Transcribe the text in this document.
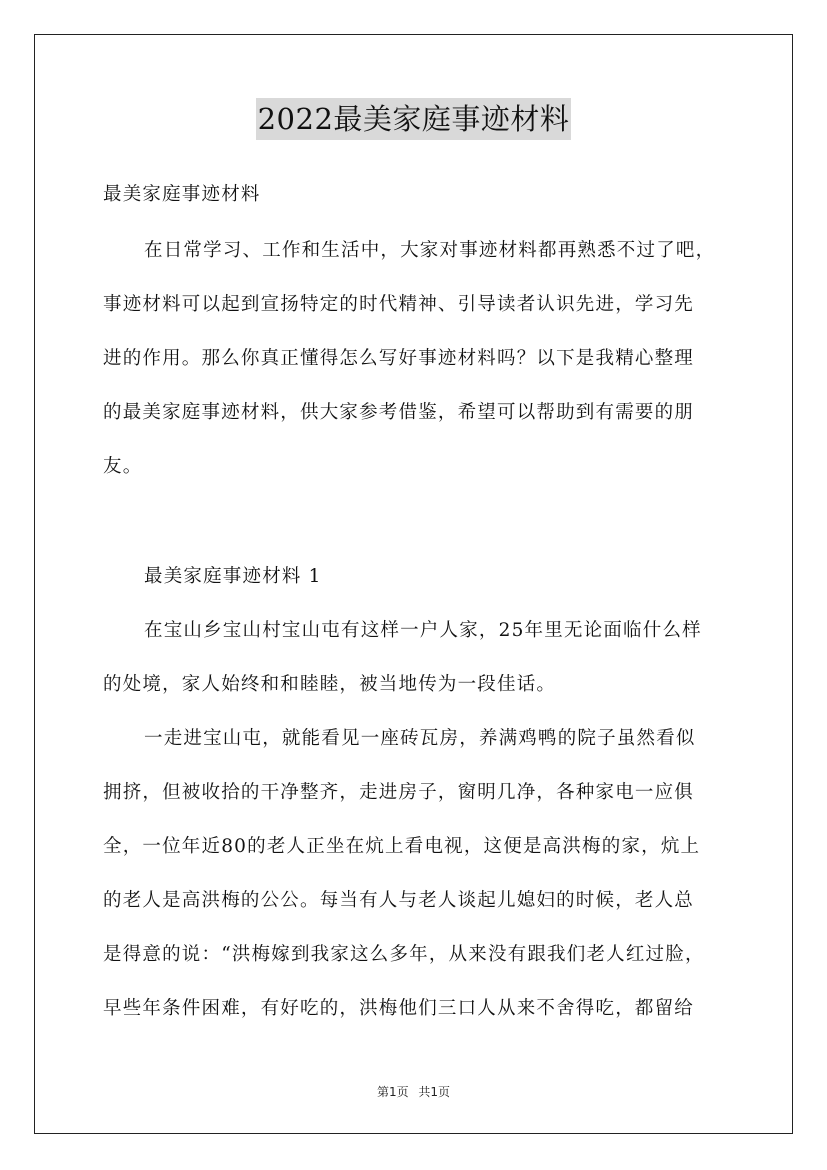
2022最美家庭事迹材料
最美家庭事迹材料
在日常学习、工作和生活中，大家对事迹材料都再熟悉不过了吧，
事迹材料可以起到宣扬特定的时代精神、引导读者认识先进，学习先
进的作用。那么你真正懂得怎么写好事迹材料吗？以下是我精心整理
的最美家庭事迹材料，供大家参考借鉴，希望可以帮助到有需要的朋
友。
最美家庭事迹材料 1
在宝山乡宝山村宝山屯有这样一户人家，25年里无论面临什么样
的处境，家人始终和和睦睦，被当地传为一段佳话。
一走进宝山屯，就能看见一座砖瓦房，养满鸡鸭的院子虽然看似
拥挤，但被收拾的干净整齐，走进房子，窗明几净，各种家电一应俱
全，一位年近80的老人正坐在炕上看电视，这便是高洪梅的家，炕上
的老人是高洪梅的公公。每当有人与老人谈起儿媳妇的时候，老人总
是得意的说：“洪梅嫁到我家这么多年，从来没有跟我们老人红过脸，
早些年条件困难，有好吃的，洪梅他们三口人从来不舍得吃，都留给
第1页 共1页
